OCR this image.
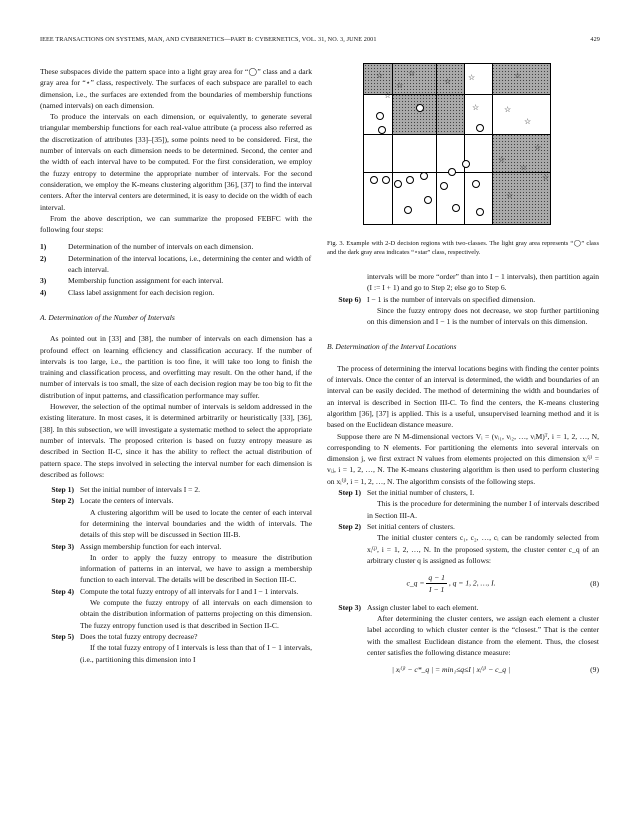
IEEE TRANSACTIONS ON SYSTEMS, MAN, AND CYBERNETICS—PART B: CYBERNETICS, VOL. 31, NO. 3, JUNE 2001	429

These subspaces divide the pattern space into a light gray area for “◯” class and a dark gray area for “⋆” class, respectively. The surfaces of each subspace are parallel to each dimension, i.e., the surfaces are extended from the boundaries of membership functions (named intervals) on each dimension.

To produce the intervals on each dimension, or equivalently, to generate several triangular membership functions for each real-value attribute (a process also referred as the discretization of attributes [33]–[35]), some points need to be considered. First, the number of intervals on each dimension needs to be determined. Second, the center and the width of each interval have to be computed. For the first consideration, we employ the fuzzy entropy to determine the appropriate number of intervals. For the second consideration, we employ the K-means clustering algorithm [36], [37] to find the interval centers. After the interval centers are determined, it is easy to decide on the width of each interval.

From the above description, we can summarize the proposed FEBFC with the following four steps:

1)	Determination of the number of intervals on each dimension.
2)	Determination of the interval locations, i.e., determining the center and width of each interval.
3)	Membership function assignment for each interval.
4)	Class label assignment for each decision region.
A. Determination of the Number of Intervals

As pointed out in [33] and [38], the number of intervals on each dimension has a profound effect on learning efficiency and classification accuracy. If the number of intervals is too large, i.e., the partition is too fine, it will take too long to finish the training and classification process, and overfitting may result. On the other hand, if the number of intervals is too small, the size of each decision region may be too big to fit the distribution of input patterns, and classification performance may suffer.

However, the selection of the optimal number of intervals is seldom addressed in the existing literature. In most cases, it is determined arbitrarily or heuristically [33], [36], [38]. In this subsection, we will investigate a systematic method to select the appropriate number of intervals. The proposed criterion is based on fuzzy entropy measure as described in Section II-C, since it has the ability to reflect the actual distribution of pattern space. The steps involved in selecting the interval number for each dimension is described as follows:

Step 1) Set the initial number of intervals I = 2.
Step 2) Locate the centers of intervals.
A clustering algorithm will be used to locate the center of each interval for determining the interval boundaries and the width of intervals. The details of this step will be discussed in Section III-B.
Step 3) Assign membership function for each interval.
In order to apply the fuzzy entropy to measure the distribution information of patterns in an interval, we have to assign a membership function to each interval. The details will be described in Section III-C.
Step 4) Compute the total fuzzy entropy of all intervals for I and I − 1 intervals.
We compute the fuzzy entropy of all intervals on each dimension to obtain the distribution information of patterns projecting on this dimension. The fuzzy entropy function used is that described in Section II-C.
Step 5) Does the total fuzzy entropy decrease?
If the total fuzzy entropy of I intervals is less than that of I − 1 intervals, (i.e., partitioning this dimension into I
☆	☆
☆	☆ ☆	☆
☆
☆	☆
☆
☆
☆
☆
☆
☆
Fig. 3. Example with 2-D decision regions with two-classes. The light gray area represents “◯” class and the dark gray area indicates “⋆star” class, respectively.
intervals will be more “order” than into I − 1 intervals), then partition again (I := I + 1) and go to Step 2; else go to Step 6.
Step 6) I − 1 is the number of intervals on specified dimension.
Since the fuzzy entropy does not decrease, we stop further partitioning on this dimension and I − 1 is the number of intervals on this dimension.
B. Determination of the Interval Locations

The process of determining the interval locations begins with finding the center points of intervals. Once the center of an interval is determined, the width and boundaries of an interval can be easily decided. The method of determining the width and boundaries of an interval is described in Section III-C. To find the centers, the K-means clustering algorithm [36], [37] is applied. This is a useful, unsupervised learning method and it is based on the Euclidean distance measure.

Suppose there are N M-dimensional vectors Vᵢ = (vᵢ₁, vᵢ₂, …, vᵢM)ᵀ, i = 1, 2, …, N, corresponding to N elements. For partitioning the elements into several intervals on dimension j, we first extract N values from elements projected on this dimension xᵢ⁽ʲ⁾ = vᵢⱼ, i = 1, 2, …, N. The K-means clustering algorithm is then used to perform clustering on xᵢ⁽ʲ⁾, i = 1, 2, …, N. The algorithm consists of the following steps.

Step 1) Set the initial number of clusters, I.
This is the procedure for determining the number I of intervals described in Section III-A.
Step 2) Set initial centers of clusters.
The initial cluster centers c₁, c₂, …, cᵢ can be randomly selected from xᵢ⁽ʲ⁾, i = 1, 2, …, N. In the proposed system, the cluster center c_q of an arbitrary cluster q is assigned as follows:
c_q = $\frac{q - 1}{I - 1}$ , q = 1, 2, …, I.	(8)
Step 3) Assign cluster label to each element.
After determining the cluster centers, we assign each element a cluster label according to which cluster center is the “closest.” That is the center with the smallest Euclidean distance from the element. Thus, the closest center satisfies the following distance measure:
| xᵢ⁽ʲ⁾ − c*_q | = min₁≤q≤I | xᵢ⁽ʲ⁾ − c_q |	(9)
